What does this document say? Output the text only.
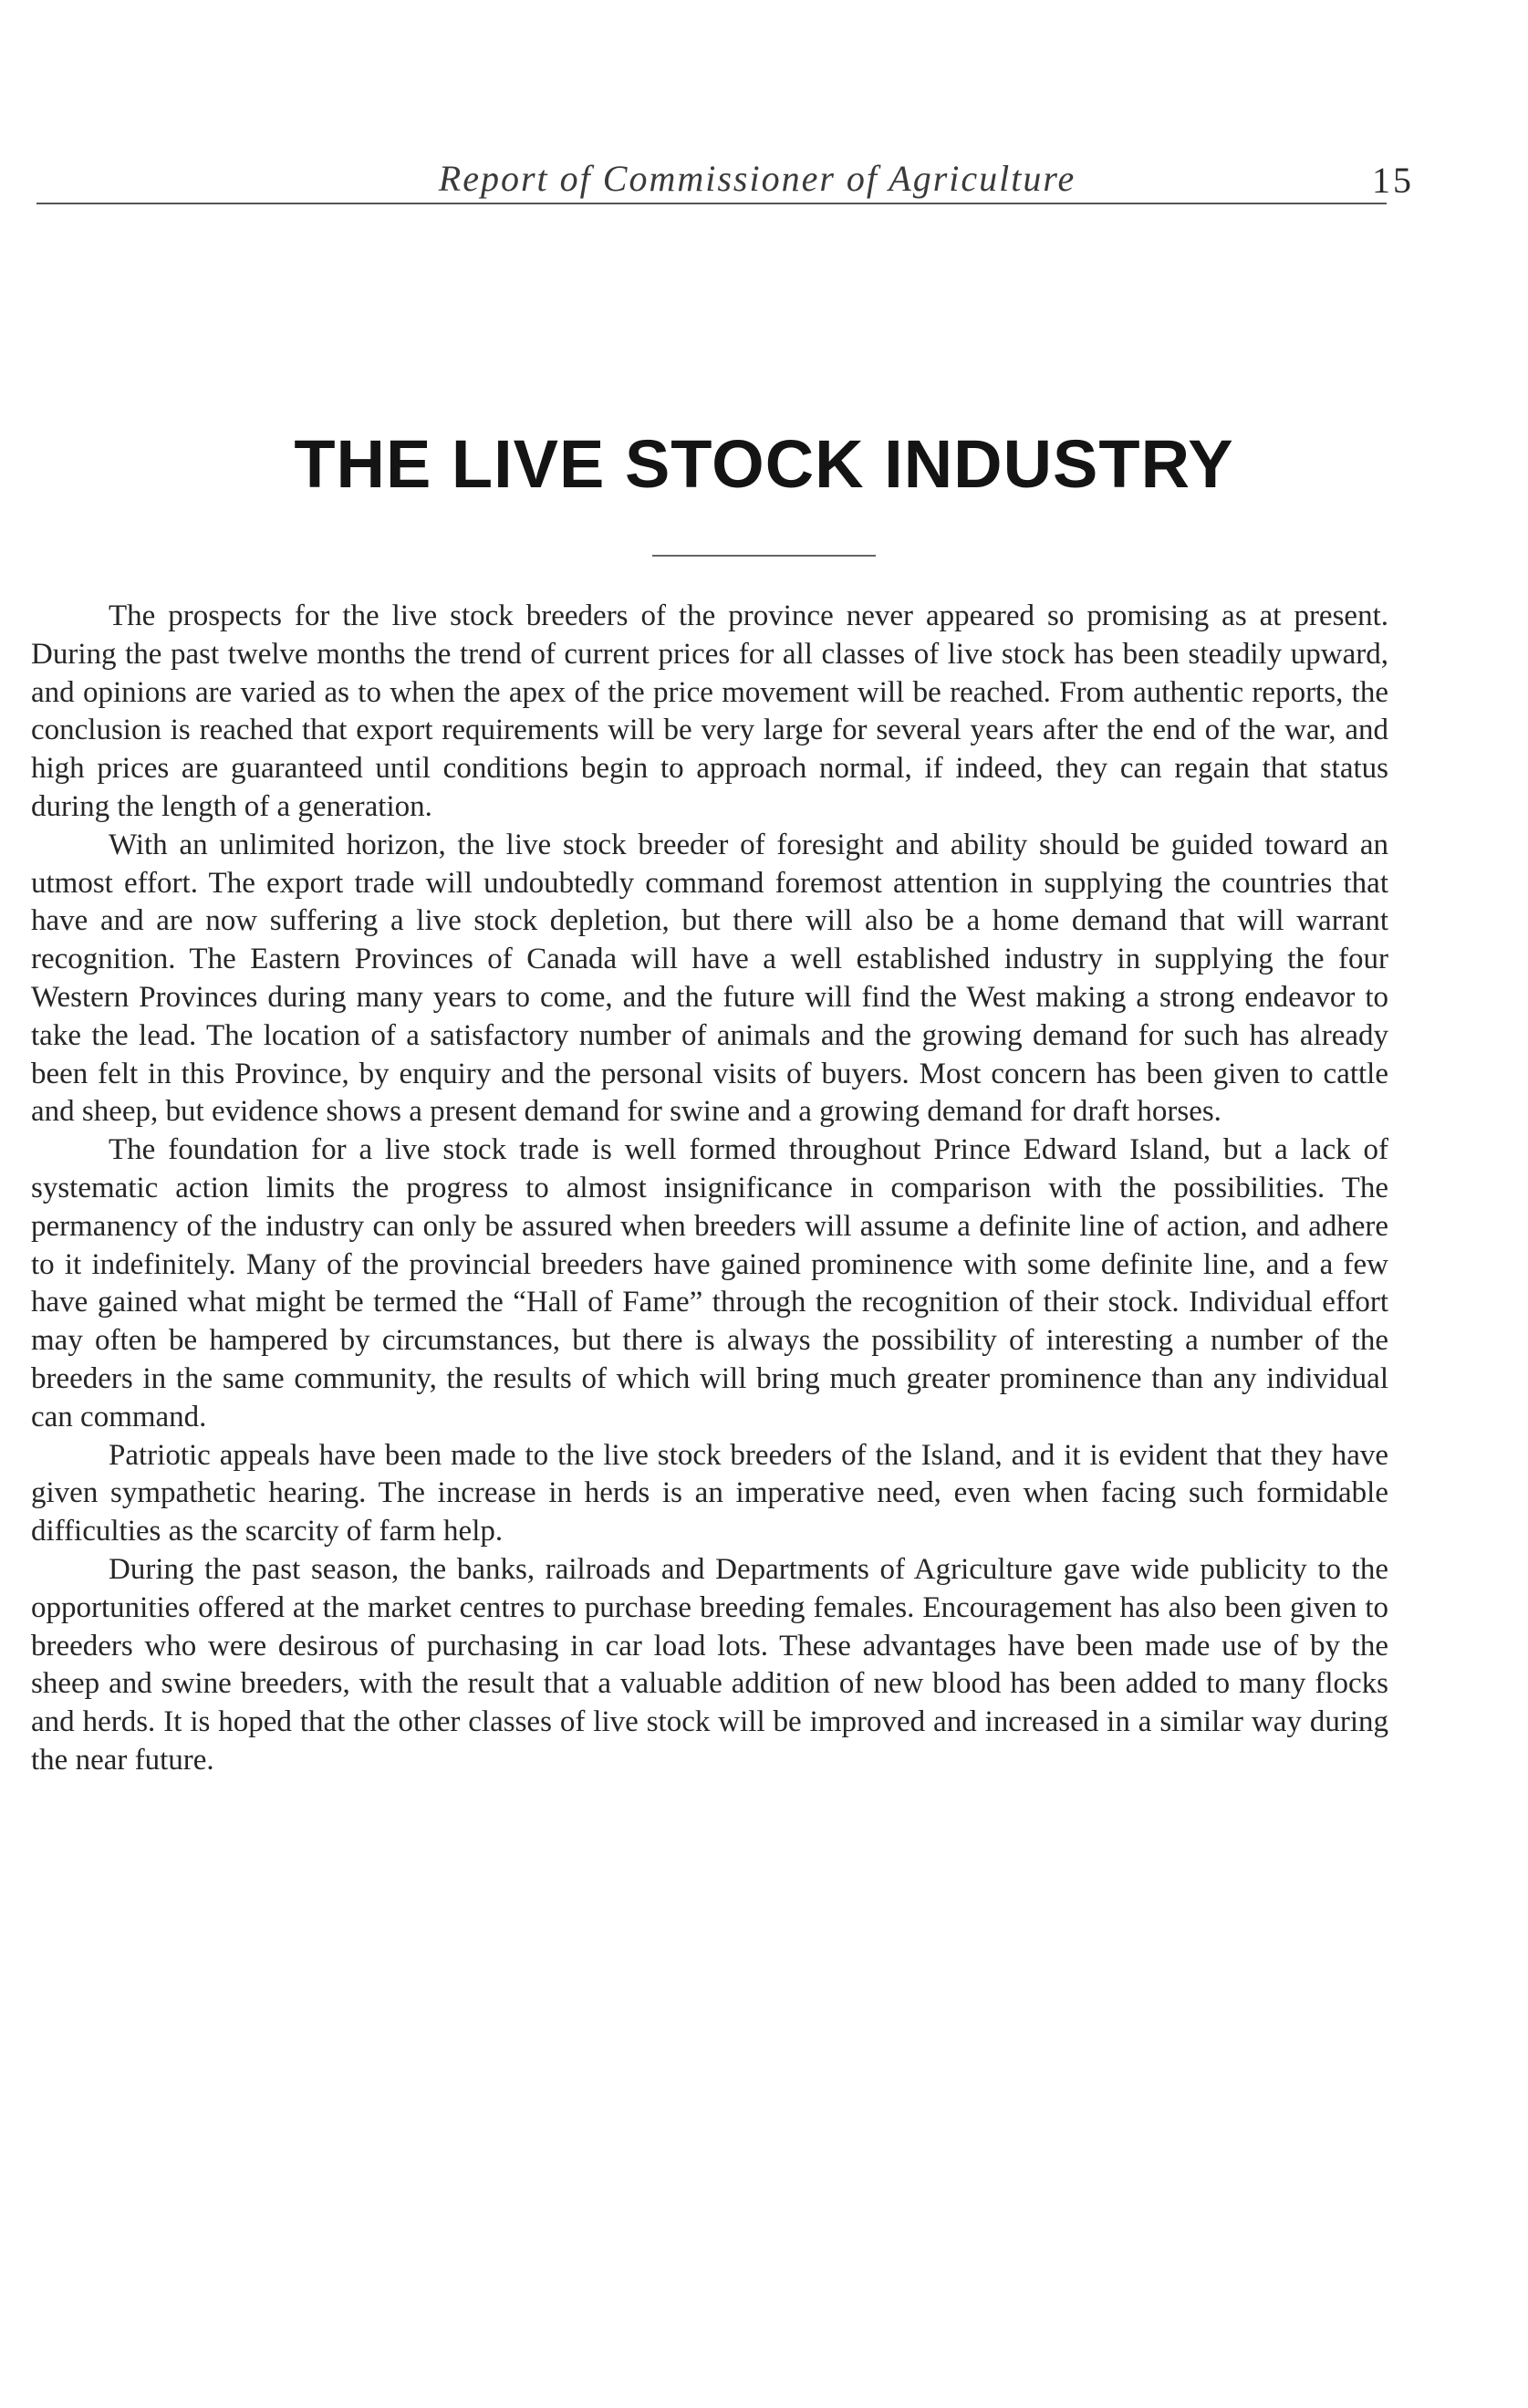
Report of Commissioner of Agriculture	15
THE LIVE STOCK INDUSTRY

The prospects for the live stock breeders of the province never appeared so promising as at present. During the past twelve months the trend of current prices for all classes of live stock has been steadily upward, and opinions are varied as to when the apex of the price movement will be reached. From authentic reports, the conclusion is reached that export requirements will be very large for several years after the end of the war, and high prices are guaranteed until conditions begin to approach normal, if indeed, they can regain that status during the length of a generation.

With an unlimited horizon, the live stock breeder of foresight and ability should be guided toward an utmost effort. The export trade will undoubtedly command foremost attention in supplying the countries that have and are now suffering a live stock depletion, but there will also be a home demand that will warrant recognition. The Eastern Provinces of Canada will have a well established industry in supplying the four Western Provinces during many years to come, and the future will find the West making a strong endeavor to take the lead. The location of a satisfactory number of animals and the growing demand for such has already been felt in this Province, by enquiry and the personal visits of buyers. Most concern has been given to cattle and sheep, but evidence shows a present demand for swine and a growing demand for draft horses.

The foundation for a live stock trade is well formed throughout Prince Edward Island, but a lack of systematic action limits the progress to almost insignificance in comparison with the possibilities. The permanency of the industry can only be assured when breeders will assume a definite line of action, and adhere to it indefinitely. Many of the provincial breeders have gained prominence with some definite line, and a few have gained what might be termed the “Hall of Fame” through the recognition of their stock. Individual effort may often be hampered by circumstances, but there is always the possibility of interesting a number of the breeders in the same community, the results of which will bring much greater prominence than any individual can command.

Patriotic appeals have been made to the live stock breeders of the Island, and it is evident that they have given sympathetic hearing. The increase in herds is an imperative need, even when facing such formidable difficulties as the scarcity of farm help.

During the past season, the banks, railroads and Departments of Agriculture gave wide publicity to the opportunities offered at the market centres to purchase breeding females. Encouragement has also been given to breeders who were desirous of purchasing in car load lots. These advantages have been made use of by the sheep and swine breeders, with the result that a valuable addition of new blood has been added to many flocks and herds. It is hoped that the other classes of live stock will be improved and increased in a similar way during the near future.
